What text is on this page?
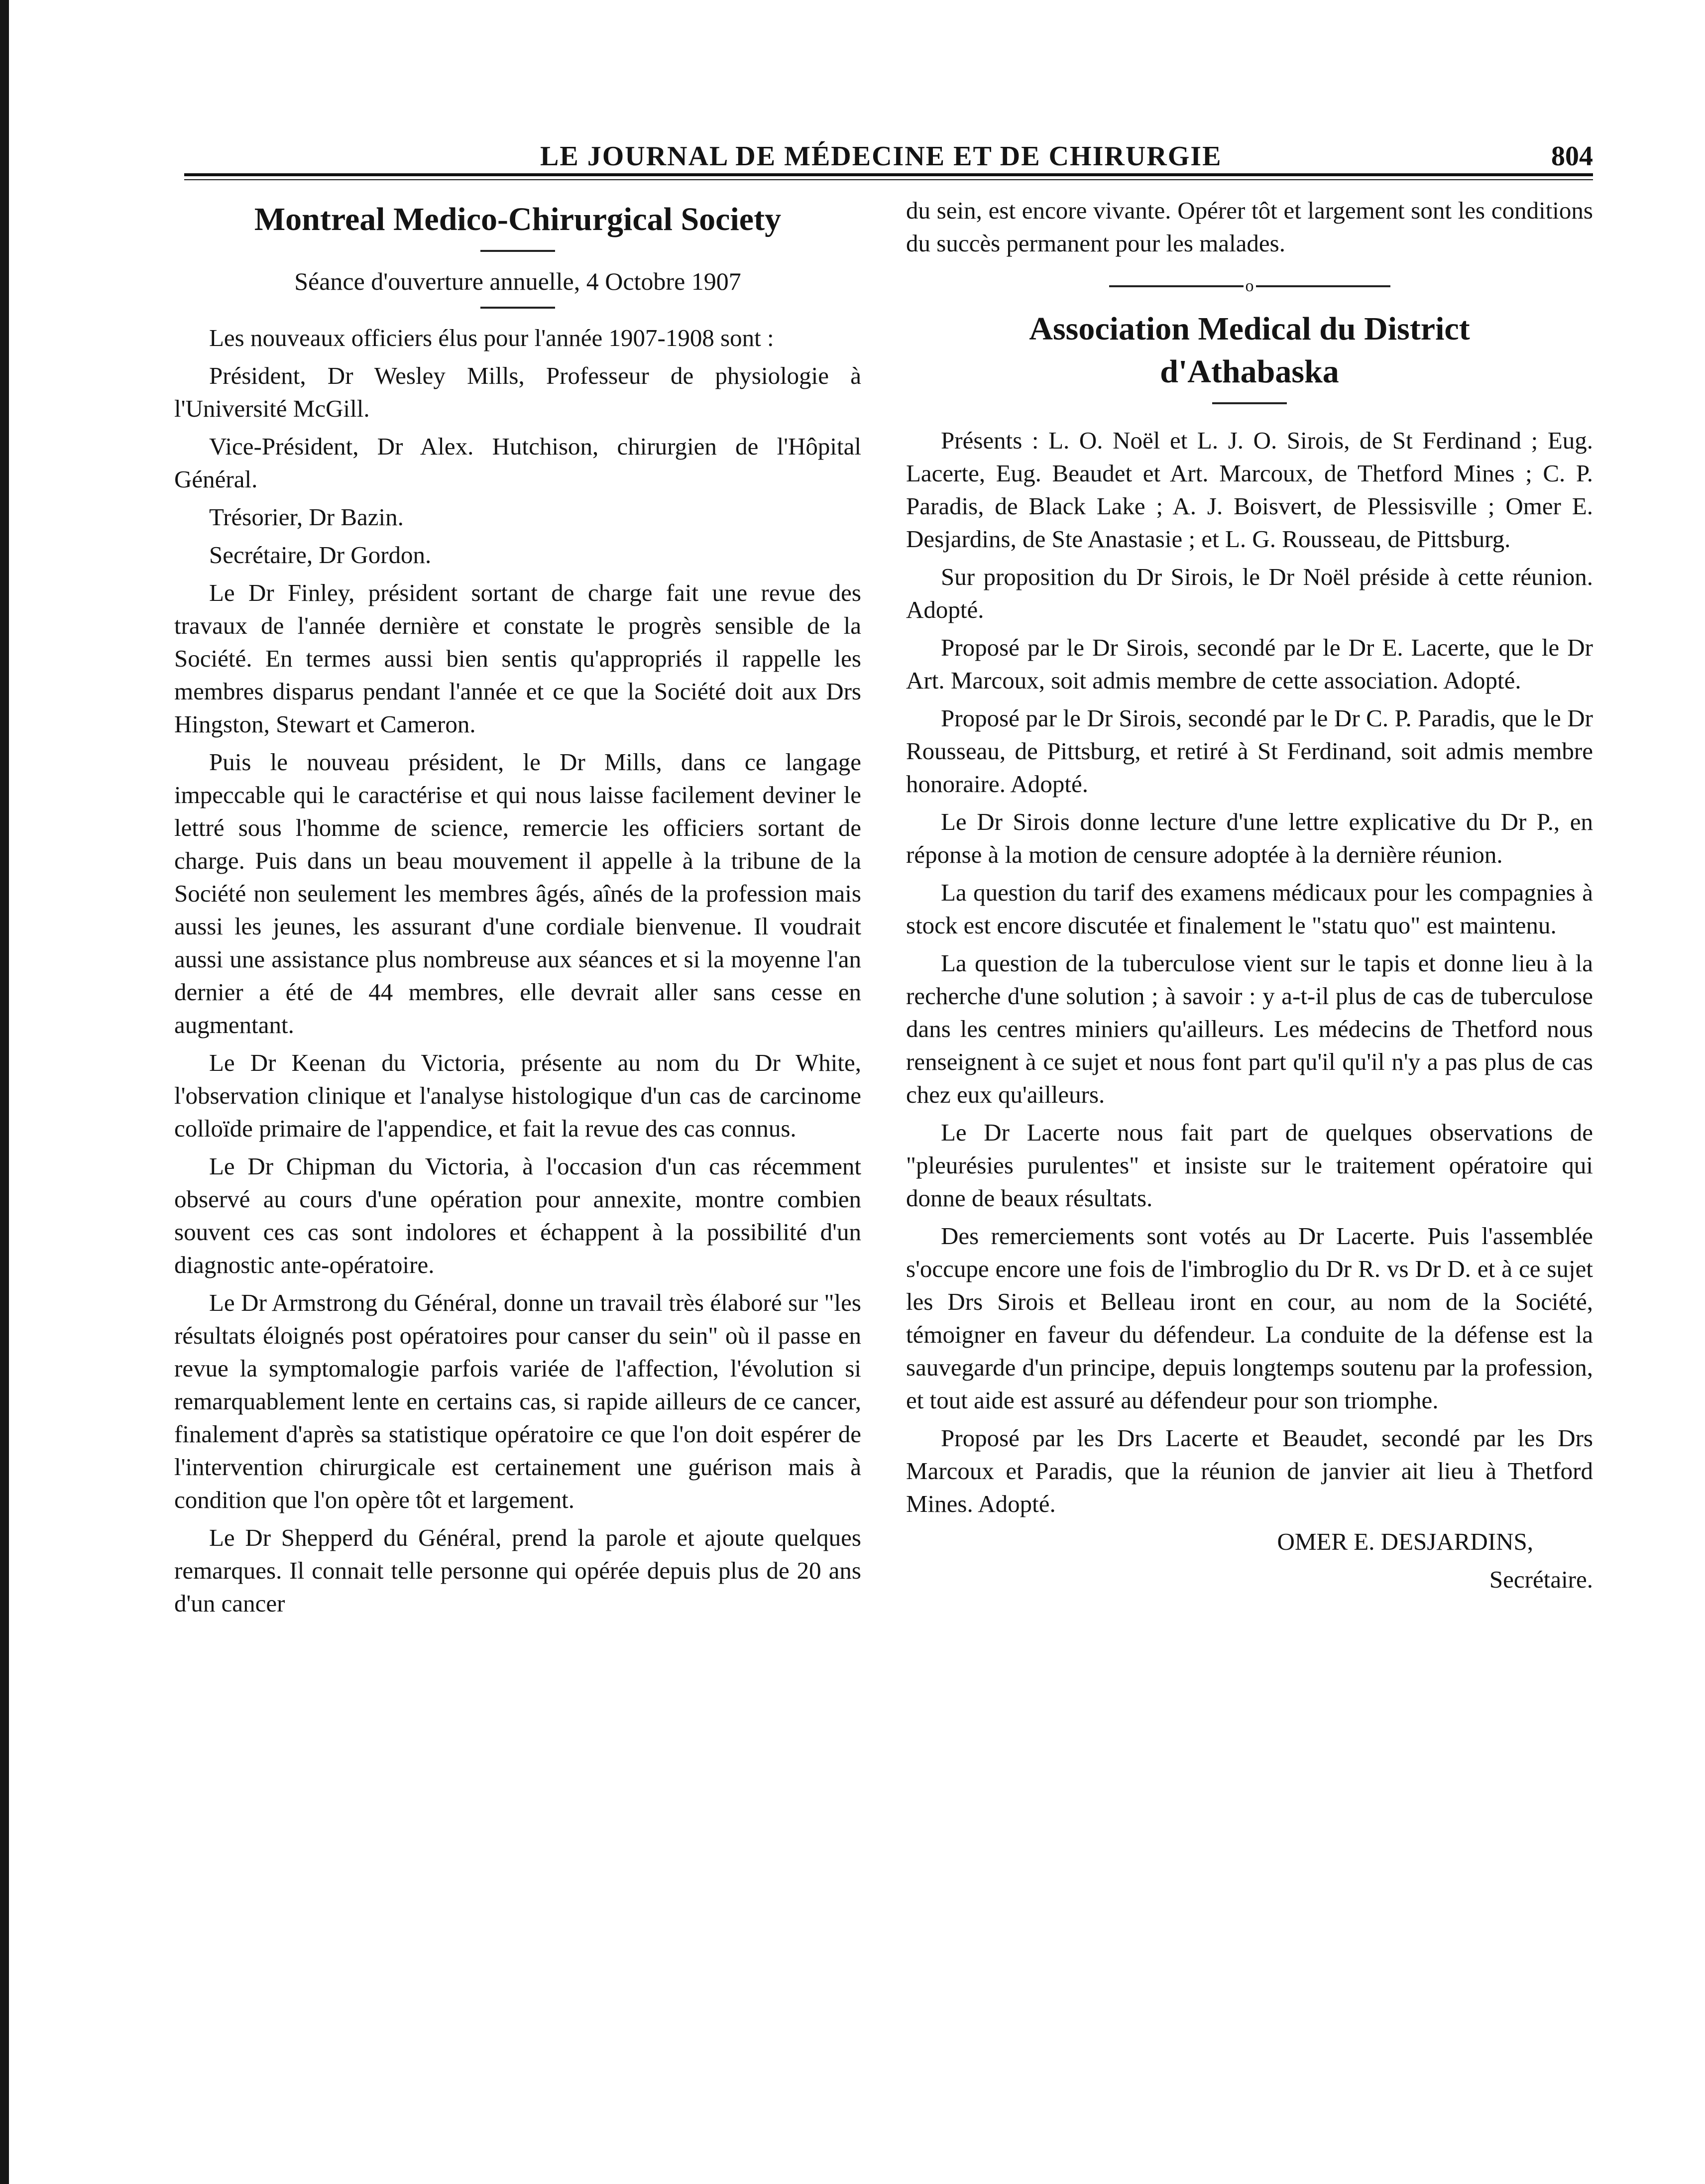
LE JOURNAL DE MÉDECINE ET DE CHIRURGIE	804
Montreal Medico-Chirurgical Society
Séance d'ouverture annuelle, 4 Octobre 1907

Les nouveaux officiers élus pour l'année 1907-1908 sont :

Président, Dr Wesley Mills, Professeur de physiologie à l'Université McGill.

Vice-Président, Dr Alex. Hutchison, chirurgien de l'Hôpital Général.

Trésorier, Dr Bazin.

Secrétaire, Dr Gordon.

Le Dr Finley, président sortant de charge fait une revue des travaux de l'année dernière et constate le progrès sensible de la Société. En termes aussi bien sentis qu'appropriés il rappelle les membres disparus pendant l'année et ce que la Société doit aux Drs Hingston, Stewart et Cameron.

Puis le nouveau président, le Dr Mills, dans ce langage impeccable qui le caractérise et qui nous laisse facilement deviner le lettré sous l'homme de science, remercie les officiers sortant de charge. Puis dans un beau mouvement il appelle à la tribune de la Société non seulement les membres âgés, aînés de la profession mais aussi les jeunes, les assurant d'une cordiale bienvenue. Il voudrait aussi une assistance plus nombreuse aux séances et si la moyenne l'an dernier a été de 44 membres, elle devrait aller sans cesse en augmentant.

Le Dr Keenan du Victoria, présente au nom du Dr White, l'observation clinique et l'analyse histologique d'un cas de carcinome colloïde primaire de l'appendice, et fait la revue des cas connus.

Le Dr Chipman du Victoria, à l'occasion d'un cas récemment observé au cours d'une opération pour annexite, montre combien souvent ces cas sont indolores et échappent à la possibilité d'un diagnostic ante-opératoire.

Le Dr Armstrong du Général, donne un travail très élaboré sur "les résultats éloignés post opératoires pour canser du sein" où il passe en revue la symptomalogie parfois variée de l'affection, l'évolution si remarquablement lente en certains cas, si rapide ailleurs de ce cancer, finalement d'après sa statistique opératoire ce que l'on doit espérer de l'intervention chirurgicale est certainement une guérison mais à condition que l'on opère tôt et largement.

Le Dr Shepperd du Général, prend la parole et ajoute quelques remarques. Il connait telle personne qui opérée depuis plus de 20 ans d'un cancer

du sein, est encore vivante. Opérer tôt et largement sont les conditions du succès permanent pour les malades.

o
Association Medical du District
d'Athabaska

Présents : L. O. Noël et L. J. O. Sirois, de St Ferdinand ; Eug. Lacerte, Eug. Beaudet et Art. Marcoux, de Thetford Mines ; C. P. Paradis, de Black Lake ; A. J. Boisvert, de Plessisville ; Omer E. Desjardins, de Ste Anastasie ; et L. G. Rousseau, de Pittsburg.

Sur proposition du Dr Sirois, le Dr Noël préside à cette réunion. Adopté.

Proposé par le Dr Sirois, secondé par le Dr E. Lacerte, que le Dr Art. Marcoux, soit admis membre de cette association. Adopté.

Proposé par le Dr Sirois, secondé par le Dr C. P. Paradis, que le Dr Rousseau, de Pittsburg, et retiré à St Ferdinand, soit admis membre honoraire. Adopté.

Le Dr Sirois donne lecture d'une lettre explicative du Dr P., en réponse à la motion de censure adoptée à la dernière réunion.

La question du tarif des examens médicaux pour les compagnies à stock est encore discutée et finalement le "statu quo" est maintenu.

La question de la tuberculose vient sur le tapis et donne lieu à la recherche d'une solution ; à savoir : y a-t-il plus de cas de tuberculose dans les centres miniers qu'ailleurs. Les médecins de Thetford nous renseignent à ce sujet et nous font part qu'il qu'il n'y a pas plus de cas chez eux qu'ailleurs.

Le Dr Lacerte nous fait part de quelques observations de "pleurésies purulentes" et insiste sur le traitement opératoire qui donne de beaux résultats.

Des remerciements sont votés au Dr Lacerte. Puis l'assemblée s'occupe encore une fois de l'imbroglio du Dr R. vs Dr D. et à ce sujet les Drs Sirois et Belleau iront en cour, au nom de la Société, témoigner en faveur du défendeur. La conduite de la défense est la sauvegarde d'un principe, depuis longtemps soutenu par la profession, et tout aide est assuré au défendeur pour son triomphe.

Proposé par les Drs Lacerte et Beaudet, secondé par les Drs Marcoux et Paradis, que la réunion de janvier ait lieu à Thetford Mines. Adopté.

OMER E. DESJARDINS,

Secrétaire.
